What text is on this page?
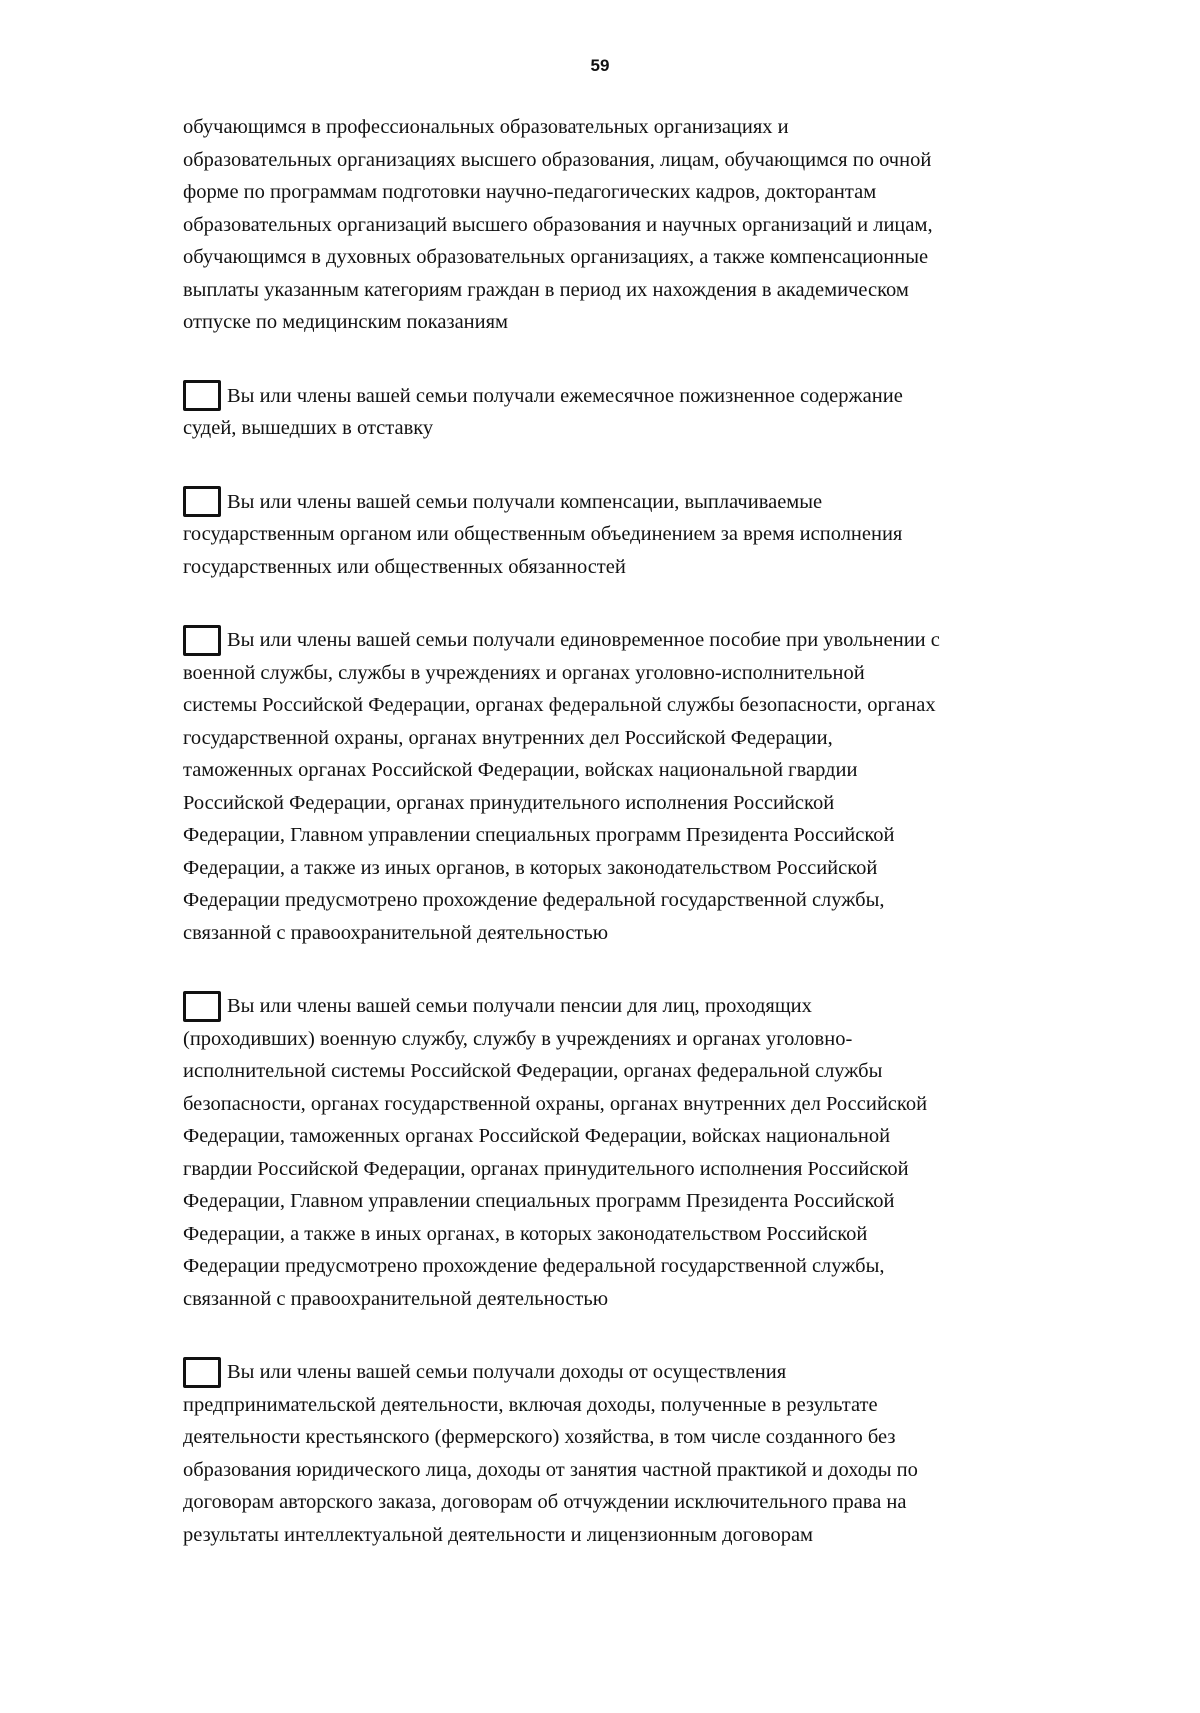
59

обучающимся в профессиональных образовательных организациях и
образовательных организациях высшего образования, лицам, обучающимся по очной
форме по программам подготовки научно-педагогических кадров, докторантам
образовательных организаций высшего образования и научных организаций и лицам,
обучающимся в духовных образовательных организациях, а также компенсационные
выплаты указанным категориям граждан в период их нахождения в академическом
отпуске по медицинским показаниям

Вы или члены вашей семьи получали ежемесячное пожизненное содержание
судей, вышедших в отставку
Вы или члены вашей семьи получали компенсации, выплачиваемые
государственным органом или общественным объединением за время исполнения
государственных или общественных обязанностей
Вы или члены вашей семьи получали единовременное пособие при увольнении с
военной службы, службы в учреждениях и органах уголовно-исполнительной
системы Российской Федерации, органах федеральной службы безопасности, органах
государственной охраны, органах внутренних дел Российской Федерации,
таможенных органах Российской Федерации, войсках национальной гвардии
Российской Федерации, органах принудительного исполнения Российской
Федерации, Главном управлении специальных программ Президента Российской
Федерации, а также из иных органов, в которых законодательством Российской
Федерации предусмотрено прохождение федеральной государственной службы,
связанной с правоохранительной деятельностью
Вы или члены вашей семьи получали пенсии для лиц, проходящих
(проходивших) военную службу, службу в учреждениях и органах уголовно-
исполнительной системы Российской Федерации, органах федеральной службы
безопасности, органах государственной охраны, органах внутренних дел Российской
Федерации, таможенных органах Российской Федерации, войсках национальной
гвардии Российской Федерации, органах принудительного исполнения Российской
Федерации, Главном управлении специальных программ Президента Российской
Федерации, а также в иных органах, в которых законодательством Российской
Федерации предусмотрено прохождение федеральной государственной службы,
связанной с правоохранительной деятельностью
Вы или члены вашей семьи получали доходы от осуществления
предпринимательской деятельности, включая доходы, полученные в результате
деятельности крестьянского (фермерского) хозяйства, в том числе созданного без
образования юридического лица, доходы от занятия частной практикой и доходы по
договорам авторского заказа, договорам об отчуждении исключительного права на
результаты интеллектуальной деятельности и лицензионным договорам
